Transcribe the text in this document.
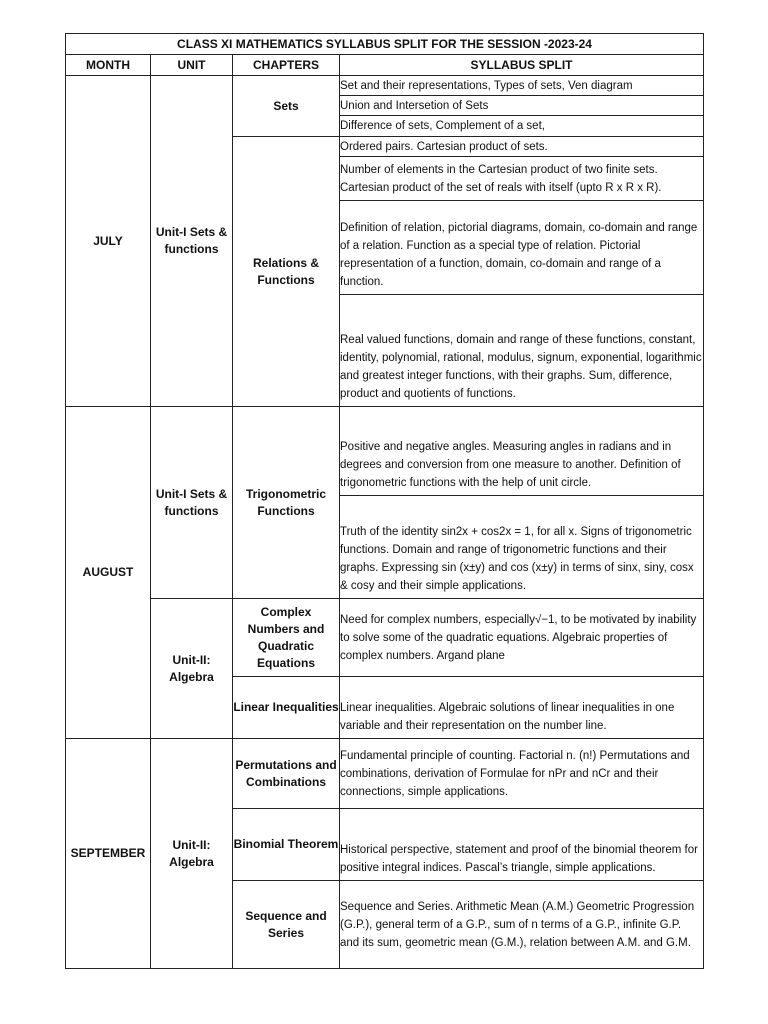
CLASS XI MATHEMATICS SYLLABUS SPLIT FOR THE SESSION -2023-24			
MONTH	UNIT	CHAPTERS	SYLLABUS SPLIT
JULY	Unit-I Sets & functions	Sets	Set and their representations, Types of sets, Ven diagram
			Union and Intersetion of Sets
			Difference of sets, Complement of a set,
		Relations & Functions	Ordered pairs. Cartesian product of sets.
			Number of elements in the Cartesian product of two finite sets. Cartesian product of the set of reals with itself (upto R x R x R).
			Definition of relation, pictorial diagrams, domain, co-domain and range of a relation. Function as a special type of relation. Pictorial representation of a function, domain, co-domain and range of a function.
			Real valued functions, domain and range of these functions, constant, identity, polynomial, rational, modulus, signum, exponential, logarithmic and greatest integer functions, with their graphs. Sum, difference, product and quotients of functions.
AUGUST	Unit-I Sets & functions	Trigonometric Functions	Positive and negative angles. Measuring angles in radians and in degrees and conversion from one measure to another. Definition of trigonometric functions with the help of unit circle.
			Truth of the identity sin2x + cos2x = 1, for all x. Signs of trigonometric functions. Domain and range of trigonometric functions and their graphs. Expressing sin (x±y) and cos (x±y) in terms of sinx, siny, cosx & cosy and their simple applications.
	Unit-II: Algebra	Complex Numbers and Quadratic Equations	Need for complex numbers, especially√−1, to be motivated by inability to solve some of the quadratic equations. Algebraic properties of complex numbers. Argand plane
		Linear Inequalities	Linear inequalities. Algebraic solutions of linear inequalities in one variable and their representation on the number line.
SEPTEMBER	Unit-II: Algebra	Permutations and Combinations	Fundamental principle of counting. Factorial n. (n!) Permutations and combinations, derivation of Formulae for nPr and nCr and their connections, simple applications.
		Binomial Theorem	Historical perspective, statement and proof of the binomial theorem for positive integral indices. Pascal’s triangle, simple applications.
		Sequence and Series	Sequence and Series. Arithmetic Mean (A.M.) Geometric Progression (G.P.), general term of a G.P., sum of n terms of a G.P., infinite G.P. and its sum, geometric mean (G.M.), relation between A.M. and G.M.
